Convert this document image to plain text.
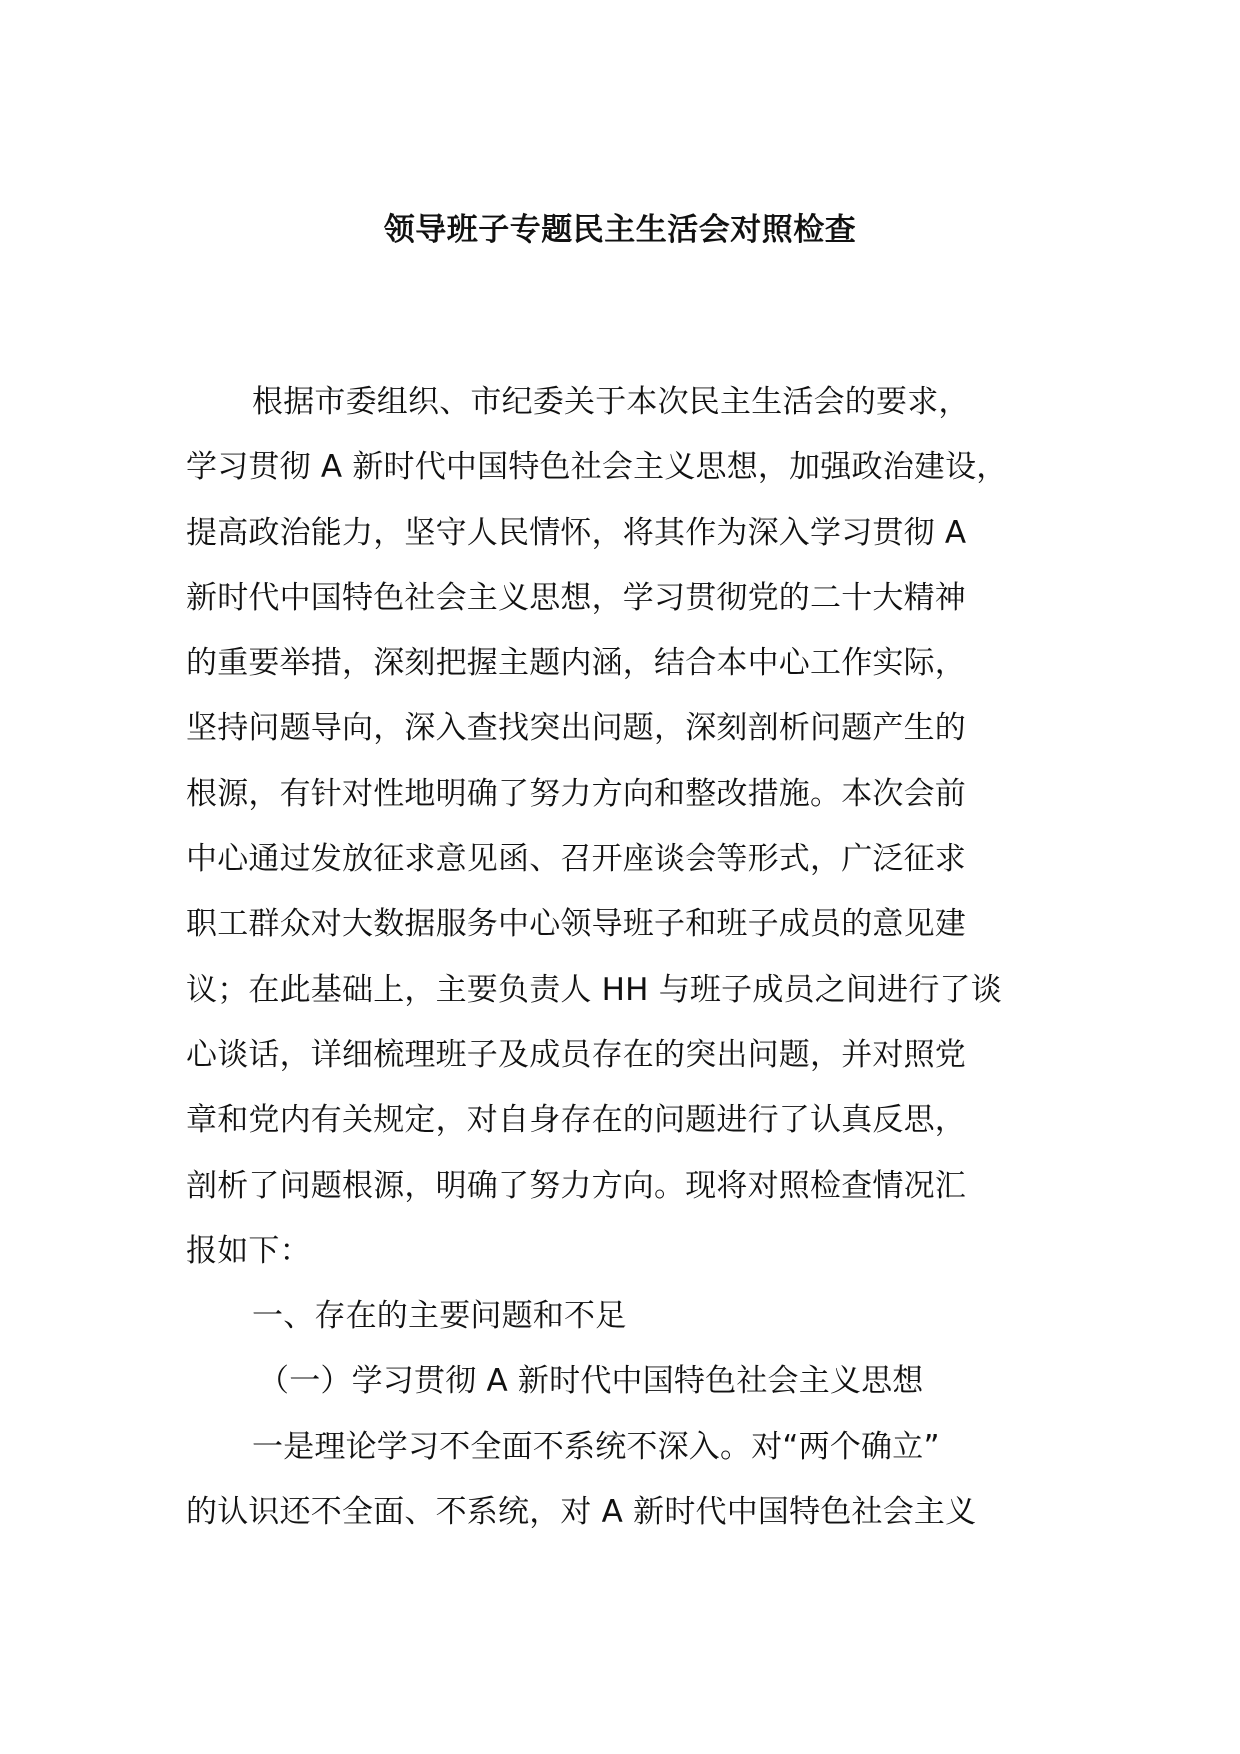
领导班子专题民主生活会对照检查
根据市委组织、市纪委关于本次民主生活会的要求，
学习贯彻 A 新时代中国特色社会主义思想，加强政治建设，
提高政治能力，坚守人民情怀，将其作为深入学习贯彻 A
新时代中国特色社会主义思想，学习贯彻党的二十大精神
的重要举措，深刻把握主题内涵，结合本中心工作实际，
坚持问题导向，深入查找突出问题，深刻剖析问题产生的
根源，有针对性地明确了努力方向和整改措施。本次会前
中心通过发放征求意见函、召开座谈会等形式，广泛征求
职工群众对大数据服务中心领导班子和班子成员的意见建
议；在此基础上，主要负责人 HH 与班子成员之间进行了谈
心谈话，详细梳理班子及成员存在的突出问题，并对照党
章和党内有关规定，对自身存在的问题进行了认真反思，
剖析了问题根源，明确了努力方向。现将对照检查情况汇
报如下：
一、存在的主要问题和不足
（一）学习贯彻 A 新时代中国特色社会主义思想
一是理论学习不全面不系统不深入。对“两个确立”
的认识还不全面、不系统，对 A 新时代中国特色社会主义
